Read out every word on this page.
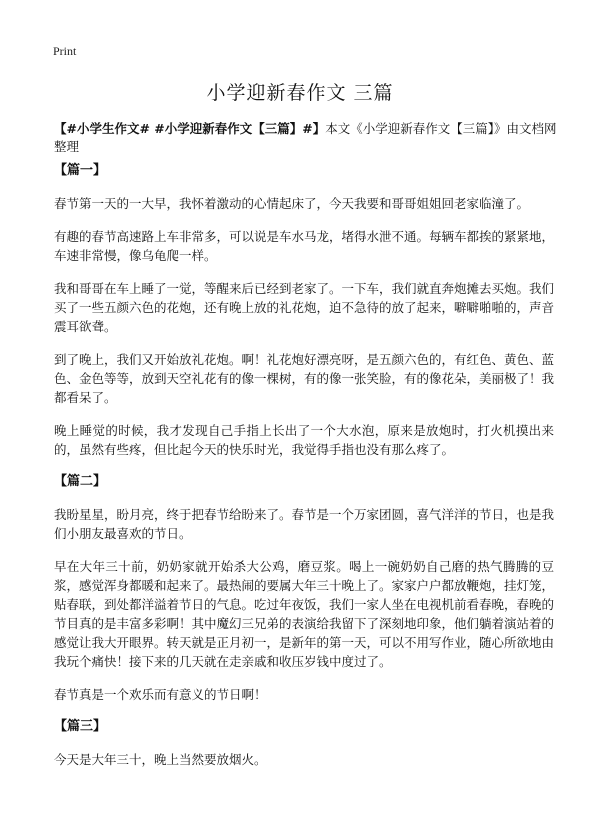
Print
小学迎新春作文 三篇
【#小学生作文# #小学迎新春作文【三篇】#】本文《小学迎新春作文【三篇】》由文档网整理
【篇一】

春节第一天的一大早，我怀着激动的心情起床了，今天我要和哥哥姐姐回老家临潼了。

有趣的春节高速路上车非常多，可以说是车水马龙，堵得水泄不通。每辆车都挨的紧紧地，车速非常慢，像乌龟爬一样。

我和哥哥在车上睡了一觉，等醒来后已经到老家了。一下车，我们就直奔炮摊去买炮。我们买了一些五颜六色的花炮，还有晚上放的礼花炮，迫不急待的放了起来，噼噼啪啪的，声音震耳欲聋。

到了晚上，我们又开始放礼花炮。啊！礼花炮好漂亮呀，是五颜六色的，有红色、黄色、蓝色、金色等等，放到天空礼花有的像一棵树，有的像一张笑脸，有的像花朵，美丽极了！我都看呆了。

晚上睡觉的时候，我才发现自己手指上长出了一个大水泡，原来是放炮时，打火机摸出来的，虽然有些疼，但比起今天的快乐时光，我觉得手指也没有那么疼了。

【篇二】

我盼星星，盼月亮，终于把春节给盼来了。春节是一个万家团圆，喜气洋洋的节日，也是我们小朋友最喜欢的节日。

早在大年三十前，奶奶家就开始杀大公鸡，磨豆浆。喝上一碗奶奶自己磨的热气腾腾的豆浆，感觉浑身都暖和起来了。最热闹的要属大年三十晚上了。家家户户都放鞭炮，挂灯笼，贴春联，到处都洋溢着节日的气息。吃过年夜饭，我们一家人坐在电视机前看春晚，春晚的节目真的是丰富多彩啊！其中魔幻三兄弟的表演给我留下了深刻地印象，他们躺着演站着的感觉让我大开眼界。转天就是正月初一，是新年的第一天，可以不用写作业，随心所欲地由我玩个痛快！接下来的几天就在走亲戚和收压岁钱中度过了。

春节真是一个欢乐而有意义的节日啊！

【篇三】

今天是大年三十，晚上当然要放烟火。
